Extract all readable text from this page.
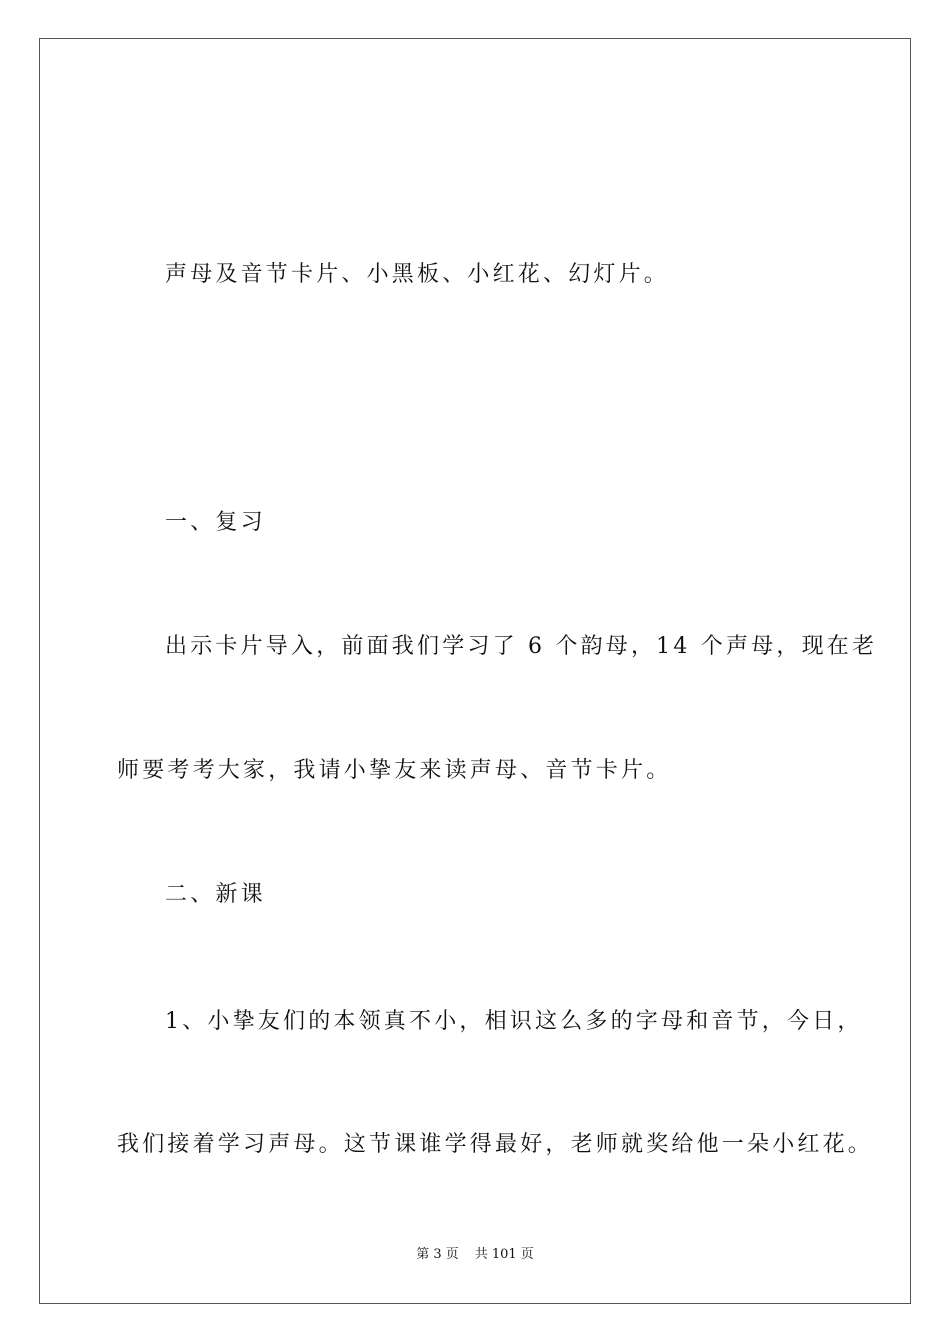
声母及音节卡片、小黑板、小红花、幻灯片。
一、复习
出示卡片导入，前面我们学习了 6 个韵母，14 个声母，现在老
师要考考大家，我请小挚友来读声母、音节卡片。
二、新课
1、小挚友们的本领真不小，相识这么多的字母和音节，今日，
我们接着学习声母。这节课谁学得最好，老师就奖给他一朵小红花。
第 3 页 共 101 页
